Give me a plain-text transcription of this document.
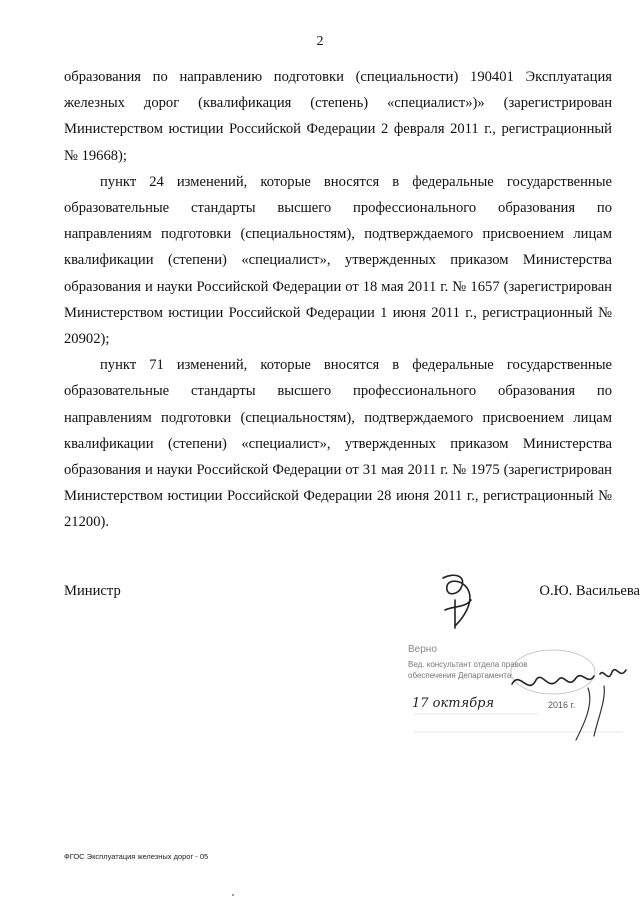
2

образования по направлению подготовки (специальности) 190401 Эксплуатация железных дорог (квалификация (степень) «специалист»)» (зарегистрирован Министерством юстиции Российской Федерации 2 февраля 2011 г., регистрационный № 19668);

пункт 24 изменений, которые вносятся в федеральные государственные образовательные стандарты высшего профессионального образования по направлениям подготовки (специальностям), подтверждаемого присвоением лицам квалификации (степени) «специалист», утвержденных приказом Министерства образования и науки Российской Федерации от 18 мая 2011 г. № 1657 (зарегистрирован Министерством юстиции Российской Федерации 1 июня 2011 г., регистрационный № 20902);

пункт 71 изменений, которые вносятся в федеральные государственные образовательные стандарты высшего профессионального образования по направлениям подготовки (специальностям), подтверждаемого присвоением лицам квалификации (степени) «специалист», утвержденных приказом Министерства образования и науки Российской Федерации от 31 мая 2011 г. № 1975 (зарегистрирован Министерством юстиции Российской Федерации 28 июня 2011 г., регистрационный № 21200).

Министр	О.Ю. Васильева
Верно
Вед. консультант отдела правов
обеспечения Департамента
17 октября	2016 г.
ФГОС Эксплуатация железных дорог - 05
